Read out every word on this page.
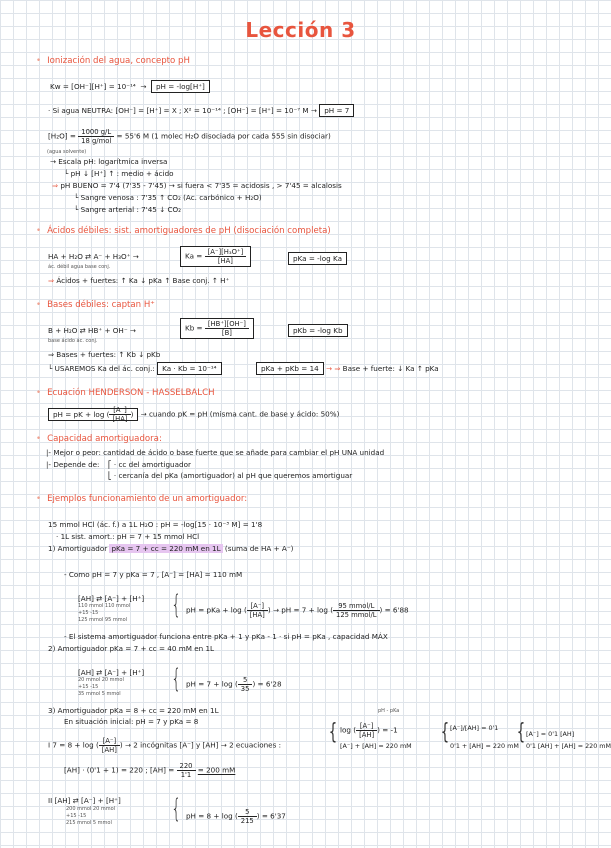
Lección 3
• Ionización del agua, concepto pH
Kw = [OH⁻][H⁺] = 10⁻¹⁴  →  pH = -log[H⁺]
· Si agua NEUTRA: [OH⁻] = [H⁺] = X ; X² = 10⁻¹⁴ ; [OH⁻] = [H⁺] = 10⁻⁷ M → pH = 7
$[H_2O] = \frac{1000 g/L}{\text{18 g/mol}} = 55'6$ M (1 molec H₂O disociada por cada 555 sin disociar)
(agua solvente)
→ Escala pH: logarítmica inversa
└ pH ↓ [H⁺] ↑ : medio + ácido
⇒ pH BUENO = 7'4 (7'35 - 7'45) → si fuera < 7'35 = acidosis , > 7'45 = alcalosis
└ Sangre venosa : 7'35 ↑ CO₂ (Ac. carbónico + H₂O)
└ Sangre arterial : 7'45 ↓ CO₂
• Ácidos débiles: sist. amortiguadores de pH (disociación completa)
HA + H₂O ⇄ A⁻ + H₃O⁺ →
ác. débil agua base conj.
$Ka = \frac{\text{[A⁻][H₃O⁺]}}{[HA]}$	pKa = -log Ka
⇒ Ácidos + fuertes: ↑ Ka ↓ pKa ↑ Base conj. ↑ H⁺
• Bases débiles: captan H⁺
B + H₂O ⇄ HB⁺ + OH⁻ →
base ácido ác. conj.
$Kb = \frac{[HB^+][OH^-]}{[B]}$	pKb = -log Kb
⇒ Bases + fuertes: ↑ Kb ↓ pKb
└ USAREMOS Ka del ác. conj.: Ka · Kb = 10⁻¹⁴	pKa + pKb = 14 → ⇒ Base + fuerte: ↓ Ka ↑ pKa
• Ecuación HENDERSON - HASSELBALCH
pH = pK + log ( $\frac{[A^-]}{[HA]}$ ) → cuando pK = pH (misma cant. de base y ácido: 50%)
• Capacidad amortiguadora:
|- Mejor o peor: cantidad de ácido o base fuerte que se añade para cambiar el pH UNA unidad
|- Depende de: ⎡ · cc del amortiguador
⎣ · cercanía del pKa (amortiguador) al pH que queremos amortiguar
• Ejemplos funcionamiento de un amortiguador:
15 mmol HCl (ác. f.) a 1L H₂O : pH = -log[15 · 10⁻³ M] = 1'8
· 1L sist. amort.: pH = 7 + 15 mmol HCl
1) Amortiguador pKa = 7 + cc = 220 mM en 1L (suma de HA + A⁻)
- Como pH = 7 y pKa = 7 , [A⁻] = [HA] = 110 mM
[AH] ⇄ [A⁻] + [H⁺]
110 mmol 110 mmol
+15 -15
125 mmol 95 mmol { pH = pKa + log ( $\frac{[A^-]}{[HA]}$ ) → pH = 7 + log ( $\frac{\text{95 mmol/L}}{\text{125 mmol/L}}$ ) = 6'88
- El sistema amortiguador funciona entre pKa + 1 y pKa - 1 · si pH = pKa , capacidad MÁX
2) Amortiguador pKa = 7 + cc = 40 mM en 1L
[AH] ⇄ [A⁻] + [H⁺]
20 mmol 20 mmol
+15 -15
35 mmol 5 mmol { pH = 7 + log ( $\frac{5}{35}$ ) = 6'28
3) Amortiguador pKa = 8 + cc = 220 mM en 1L
En situación inicial: pH = 7 y pKa = 8
I 7 = 8 + log ( $\frac{[A^-]}{[AH]}$ ) → 2 incógnitas [A⁻] y [AH] → 2 ecuaciones : {
pH - pKa
log ( $\frac{[A^-]}{[AH]}$ ) = -1
[A⁻] + [AH] = 220 mM
{ [A⁻]/[AH] = 0'1
0'1 + [AH] = 220 mM
{ [A⁻] = 0'1 [AH]
0'1 [AH] + [AH] = 220 mM
[AH] · (0'1 + 1) = 220 ; $[AH] = \frac{220}{1'1} = 200$ mM
II [AH] ⇄ [A⁻] + [H⁺]
200 mmol 20 mmol
+15 -15
215 mmol 5 mmol { pH = 8 + log ( $\frac{5}{215}$ ) = 6'37
